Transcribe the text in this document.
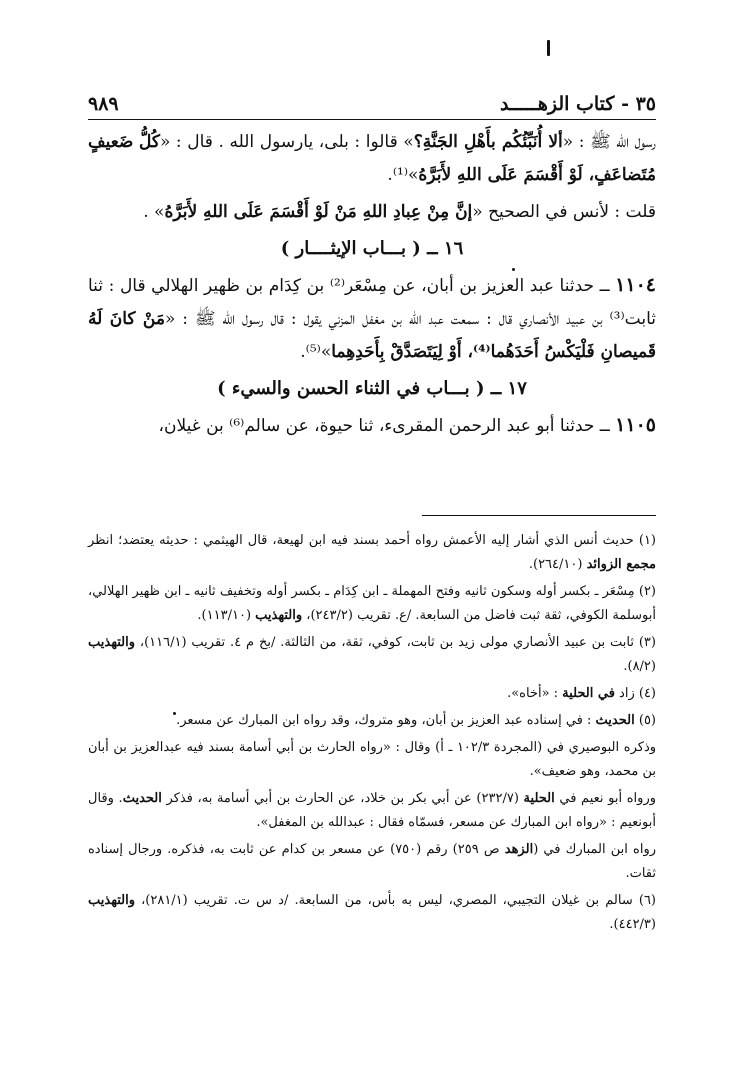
٩٨٩	٣٥ - كتاب الزهـــــد

رسول الله ﷺ : «ألا أُنَبِّئُكُم بأَهْلِ الجَنَّةِ؟» قالوا : بلى، يارسول الله . قال : «كُلُّ ضَعيفٍ مُتَضاعَفٍ، لَوْ أَقْسَمَ عَلَى اللهِ لأَبَرَّهُ»⁽¹⁾.

قلت : لأنس في الصحيح «إنَّ مِنْ عِبادِ اللهِ مَنْ لَوْ أَقْسَمَ عَلَى اللهِ لأَبَرَّهُ» .

١٦ ــ ( بـــاب الإيثــــار )

١١٠٤ ــ حدثنا عبد العزيز بن أبان، عن مِسْعَر⁽²⁾ بن كِدَام بن ظهير الهلالي قال : ثنا ثابت⁽³⁾ بن عبيد الأنصاري قال : سمعت عبد الله بن مغفل المزني يقول : قال رسول الله ﷺ : «مَنْ كانَ لَهُ قَميصانِ فَلْيَكْسُ أَحَدَهُما⁽⁴⁾، أَوْ لِيَتَصَدَّقْ بِأَحَدِهِما»⁽⁵⁾.

١٧ ــ ( بـــاب في الثناء الحسن والسيء )

١١٠٥ ــ حدثنا أبو عبد الرحمن المقرىء، ثنا حيوة، عن سالم⁽⁶⁾ بن غيلان،

(١) حديث أنس الذي أشار إليه الأعمش رواه أحمد بسند فيه ابن لهيعة، قال الهيثمي : حديثه يعتضد؛ انظر مجمع الزوائد (٢٦٤/١٠).

(٢) مِسْعَر ـ بكسر أوله وسكون ثانيه وفتح المهملة ـ ابن كِدَام ـ بكسر أوله وتخفيف ثانيه ـ ابن ظهير الهلالي، أبوسلمة الكوفي، ثقة ثبت فاضل من السابعة. /ع. تقريب (٢٤٣/٢)، والتهذيب (١١٣/١٠).

(٣) ثابت بن عبيد الأنصاري مولى زيد بن ثابت، كوفي، ثقة، من الثالثة. /بخ م ٤. تقريب (١١٦/١)، والتهذيب (٨/٢).

(٤) زاد في الحلية : «أخاه».

(٥) الحديث : في إسناده عبد العزيز بن أبان، وهو متروك، وقد رواه ابن المبارك عن مسعر.

وذكره البوصيري في (المجردة ١٠٢/٣ ـ أ) وقال : «رواه الحارث بن أبي أسامة بسند فيه عبدالعزيز بن أبان بن محمد، وهو ضعيف».

ورواه أبو نعيم في الحلية (٢٣٢/٧) عن أبي بكر بن خلاد، عن الحارث بن أبي أسامة به، فذكر الحديث. وقال أبونعيم : «رواه ابن المبارك عن مسعر، فسمّاه فقال : عبدالله بن المغفل».

رواه ابن المبارك في (الزهد ص ٢٥٩) رقم (٧٥٠) عن مسعر بن كدام عن ثابت به، فذكره. ورجال إسناده ثقات.

(٦) سالم بن غيلان التجيبي، المصري، ليس به بأس، من السابعة. /د س ت. تقريب (٢٨١/١)، والتهذيب (٤٤٢/٣).
